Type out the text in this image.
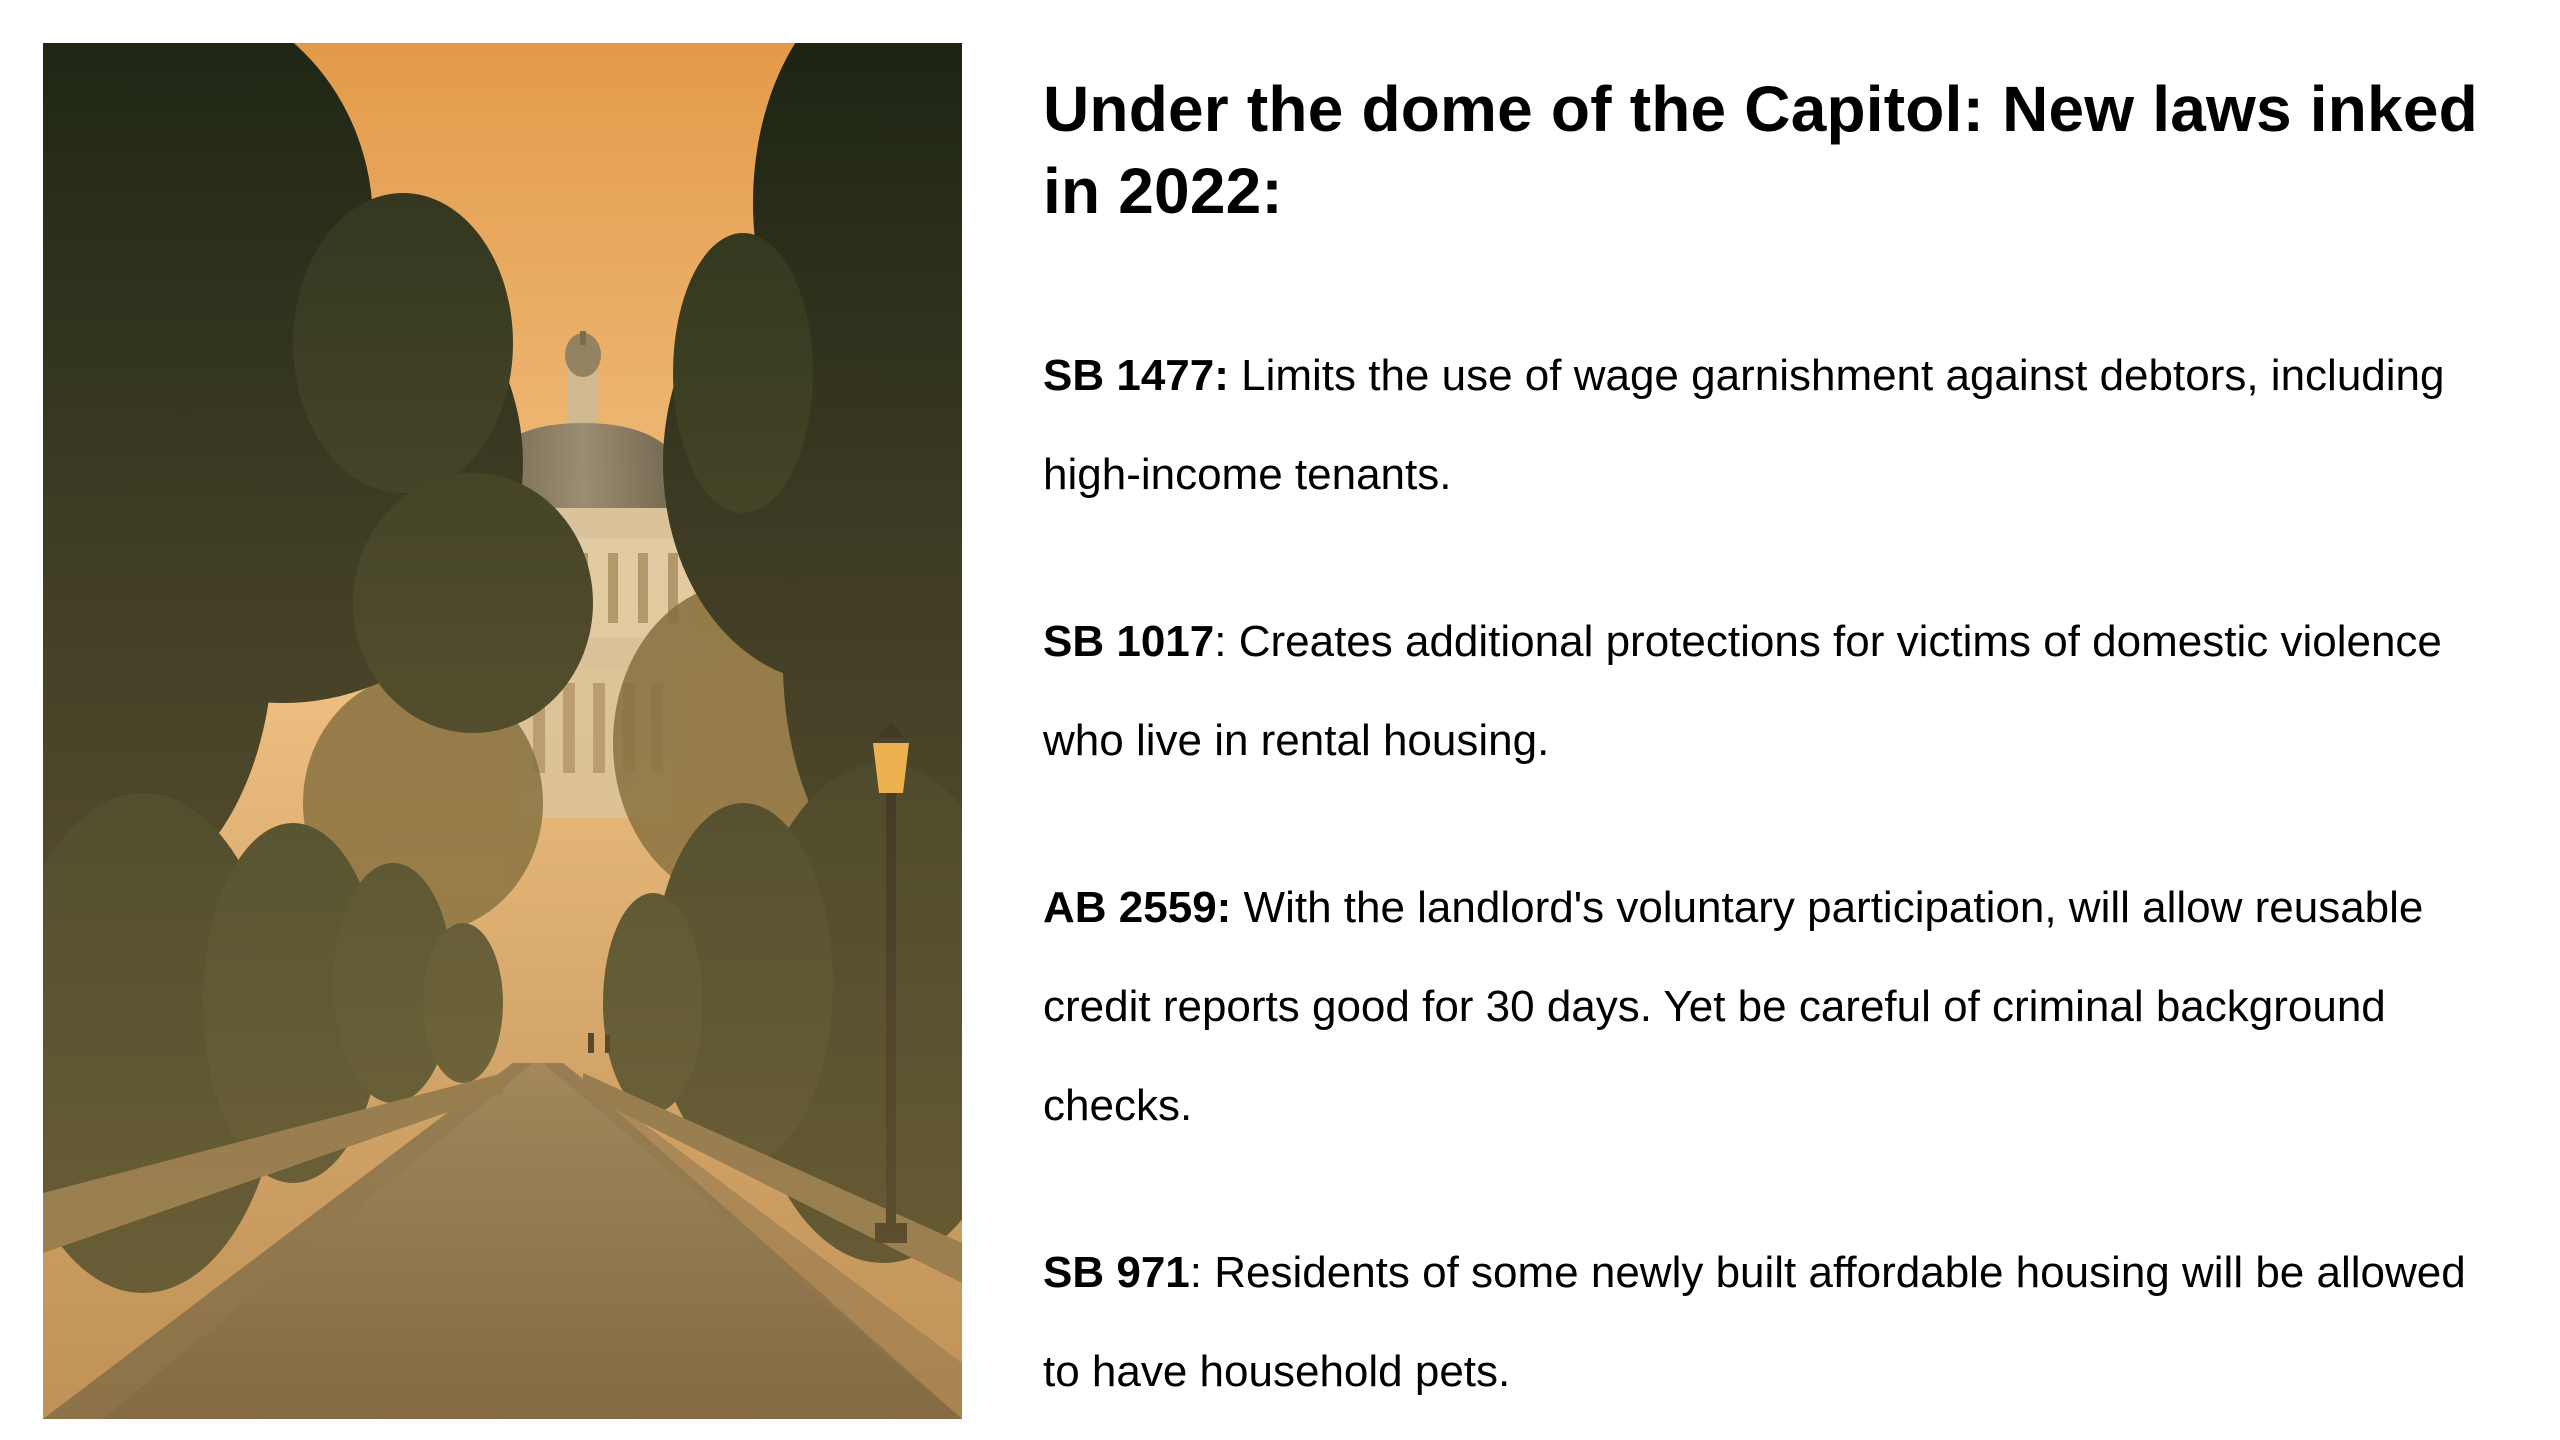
Under the dome of the Capitol: New laws inked in 2022:

SB 1477: Limits the use of wage garnishment against debtors, including high-income tenants.

SB 1017: Creates additional protections for victims of domestic violence who live in rental housing.

AB 2559: With the landlord's voluntary participation, will allow reusable credit reports good for 30 days. Yet be careful of criminal background checks.

SB 971: Residents of some newly built affordable housing will be allowed to have household pets.
